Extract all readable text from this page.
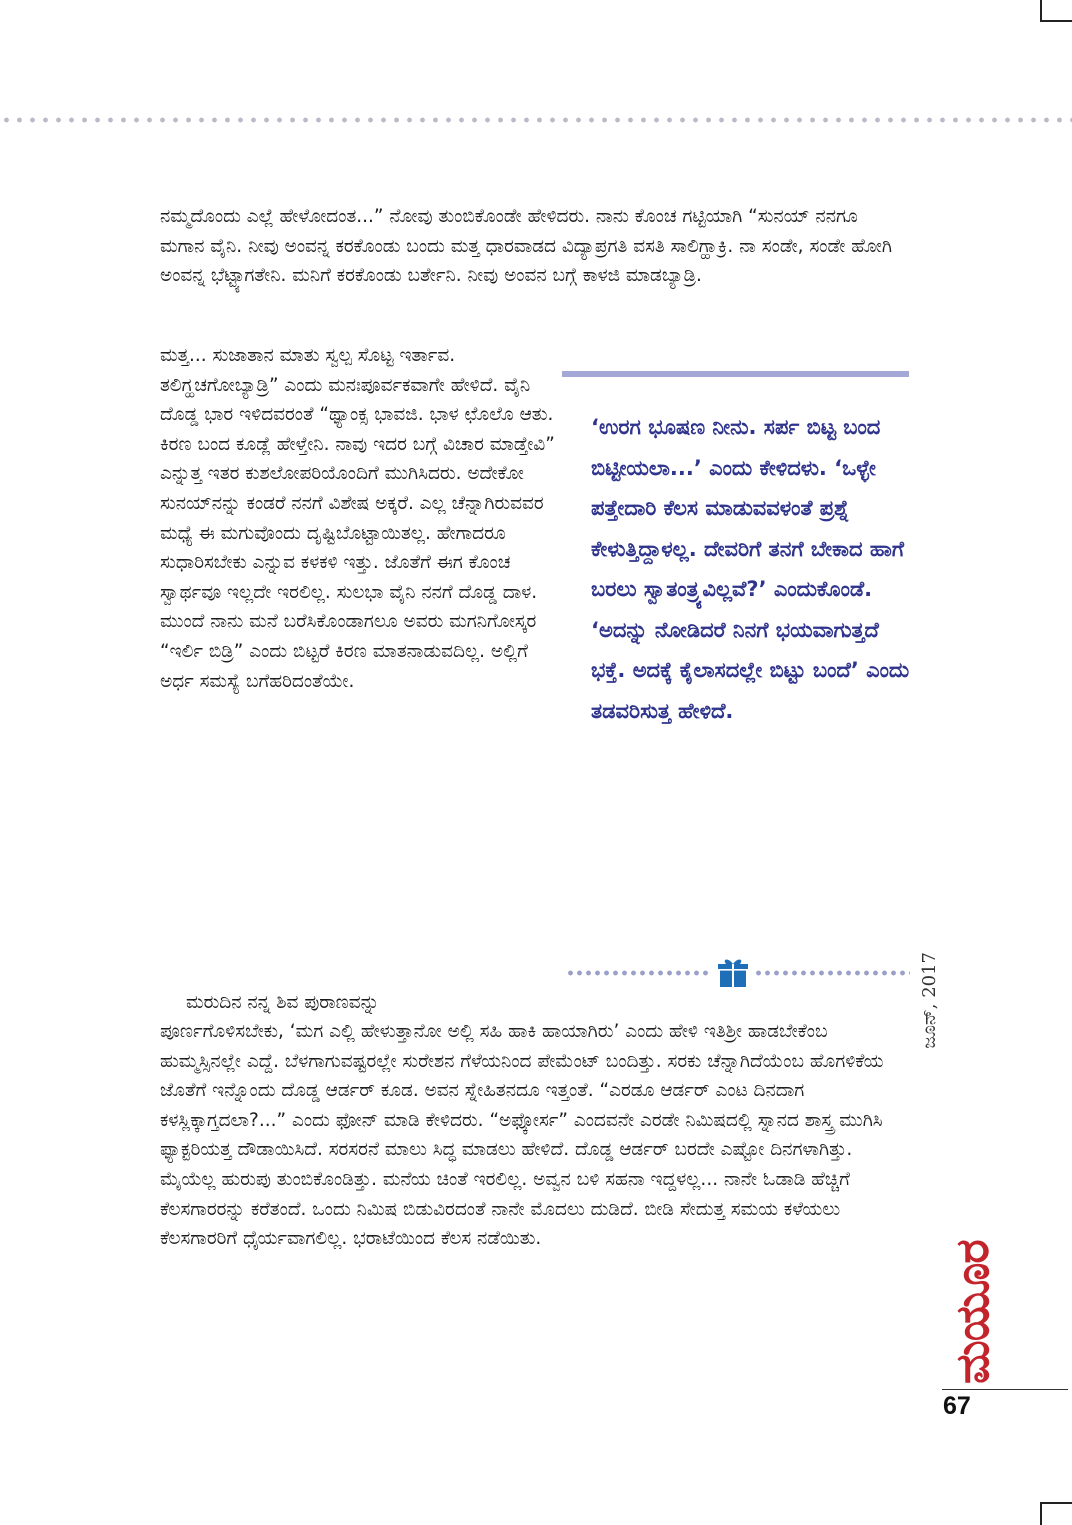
ನಮ್ಮದೊಂದು ಎಲ್ಲೆ ಹೇಳೋದಂತ...” ನೋವು ತುಂಬಿಕೊಂಡೇ ಹೇಳಿದರು. ನಾನು ಕೊಂಚ ಗಟ್ಟಿಯಾಗಿ “ಸುನಯ್ ನನಗೂ ಮಗಾನ ವೈನಿ. ನೀವು ಅಂವನ್ನ ಕರಕೊಂಡು ಬಂದು ಮತ್ತ ಧಾರವಾಡದ ವಿದ್ಯಾಪ್ರಗತಿ ವಸತಿ ಸಾಲಿಗ್ಹಾಕ್ರಿ. ನಾ ಸಂಡೇ, ಸಂಡೇ ಹೋಗಿ ಅಂವನ್ನ ಭೆಟ್ಟ್ಯಾಗತೇನಿ. ಮನಿಗೆ ಕರಕೊಂಡು ಬರ್ತೇನಿ. ನೀವು ಅಂವನ ಬಗ್ಗೆ ಕಾಳಜಿ ಮಾಡಬ್ಯಾಡ್ರಿ.

ಮತ್ತ... ಸುಜಾತಾನ ಮಾತು ಸ್ವಲ್ಪ ಸೊಟ್ಟ ಇರ್ತಾವ. ತಲಿಗ್ಹಚಗೋಬ್ಯಾಡ್ರಿ” ಎಂದು ಮನಃಪೂರ್ವಕವಾಗೇ ಹೇಳಿದೆ. ವೈನಿ ದೊಡ್ಡ ಭಾರ ಇಳಿದವರಂತೆ “ಥ್ಯಾಂಕ್ಸ ಭಾವಜಿ. ಭಾಳ ಛೊಲೊ ಆತು. ಕಿರಣ ಬಂದ ಕೂಡ್ಲೆ ಹೇಳ್ತೇನಿ. ನಾವು ಇದರ ಬಗ್ಗೆ ವಿಚಾರ ಮಾಡ್ತೇವಿ” ಎನ್ನುತ್ತ ಇತರ ಕುಶಲೋಪರಿಯೊಂದಿಗೆ ಮುಗಿಸಿದರು. ಅದೇಕೋ ಸುನಯ್‌ನನ್ನು ಕಂಡರೆ ನನಗೆ ವಿಶೇಷ ಅಕ್ಕರೆ. ಎಲ್ಲ ಚೆನ್ನಾಗಿರುವವರ ಮಧ್ಯೆ ಈ ಮಗುವೊಂದು ದೃಷ್ಟಿಬೊಟ್ಟಾಯಿತಲ್ಲ. ಹೇಗಾದರೂ ಸುಧಾರಿಸಬೇಕು ಎನ್ನುವ ಕಳಕಳಿ ಇತ್ತು. ಜೊತೆಗೆ ಈಗ ಕೊಂಚ ಸ್ವಾರ್ಥವೂ ಇಲ್ಲದೇ ಇರಲಿಲ್ಲ. ಸುಲಭಾ ವೈನಿ ನನಗೆ ದೊಡ್ಡ ದಾಳ. ಮುಂದೆ ನಾನು ಮನೆ ಬರೆಸಿಕೊಂಡಾಗಲೂ ಅವರು ಮಗನಿಗೋಸ್ಕರ “ಇರ್ಲಿ ಬಿಡ್ರಿ” ಎಂದು ಬಿಟ್ಟರೆ ಕಿರಣ ಮಾತನಾಡುವದಿಲ್ಲ. ಅಲ್ಲಿಗೆ ಅರ್ಧ ಸಮಸ್ಯೆ ಬಗೆಹರಿದಂತೆಯೇ.

‘ಉರಗ ಭೂಷಣ ನೀನು. ಸರ್ಪ ಬಿಟ್ಟ ಬಂದ ಬಿಟ್ಟೀಯಲಾ...’ ಎಂದು ಕೇಳಿದಳು. ‘ಒಳ್ಳೇ ಪತ್ತೇದಾರಿ ಕೆಲಸ ಮಾಡುವವಳಂತೆ ಪ್ರಶ್ನೆ ಕೇಳುತ್ತಿದ್ದಾಳಲ್ಲ. ದೇವರಿಗೆ ತನಗೆ ಬೇಕಾದ ಹಾಗೆ ಬರಲು ಸ್ವಾತಂತ್ರ್ಯವಿಲ್ಲವೆ?’ ಎಂದುಕೊಂಡೆ. ‘ಅದನ್ನು ನೋಡಿದರೆ ನಿನಗೆ ಭಯವಾಗುತ್ತದೆ ಭಕ್ತೆ. ಅದಕ್ಕೆ ಕೈಲಾಸದಲ್ಲೇ ಬಿಟ್ಟು ಬಂದೆ’ ಎಂದು ತಡವರಿಸುತ್ತ ಹೇಳಿದೆ.

ಮರುದಿನ ನನ್ನ ಶಿವ ಪುರಾಣವನ್ನು

ಪೂರ್ಣಗೊಳಿಸಬೇಕು, ‘ಮಗ ಎಲ್ಲಿ ಹೇಳುತ್ತಾನೋ ಅಲ್ಲಿ ಸಹಿ ಹಾಕಿ ಹಾಯಾಗಿರು’ ಎಂದು ಹೇಳಿ ಇತಿಶ್ರೀ ಹಾಡಬೇಕೆಂಬ ಹುಮ್ಮಸ್ಸಿನಲ್ಲೇ ಎದ್ದೆ. ಬೆಳಗಾಗುವಷ್ಟರಲ್ಲೇ ಸುರೇಶನ ಗೆಳೆಯನಿಂದ ಪೇಮೆಂಟ್ ಬಂದಿತ್ತು. ಸರಕು ಚೆನ್ನಾಗಿದೆಯೆಂಬ ಹೊಗಳಿಕೆಯ ಜೊತೆಗೆ ಇನ್ನೊಂದು ದೊಡ್ಡ ಆರ್ಡರ್ ಕೂಡ. ಅವನ ಸ್ನೇಹಿತನದೂ ಇತ್ತಂತೆ. “ಎರಡೂ ಆರ್ಡರ್ ಎಂಟ ದಿನದಾಗ ಕಳಸ್ಲಿಕ್ಕಾಗ್ತದಲಾ?...” ಎಂದು ಫೋನ್ ಮಾಡಿ ಕೇಳಿದರು. “ಅಫ್ಕೋರ್ಸ” ಎಂದವನೇ ಎರಡೇ ನಿಮಿಷದಲ್ಲಿ ಸ್ನಾನದ ಶಾಸ್ತ್ರ ಮುಗಿಸಿ ಫ್ಯಾಕ್ಟರಿಯತ್ತ ದೌಡಾಯಿಸಿದೆ. ಸರಸರನೆ ಮಾಲು ಸಿದ್ಧ ಮಾಡಲು ಹೇಳಿದೆ. ದೊಡ್ಡ ಆರ್ಡರ್ ಬರದೇ ಎಷ್ಟೋ ದಿನಗಳಾಗಿತ್ತು. ಮೈಯೆಲ್ಲ ಹುರುಪು ತುಂಬಿಕೊಂಡಿತ್ತು. ಮನೆಯ ಚಿಂತೆ ಇರಲಿಲ್ಲ. ಅವ್ವನ ಬಳಿ ಸಹನಾ ಇದ್ದಳಲ್ಲ... ನಾನೇ ಓಡಾಡಿ ಹೆಚ್ಚಿಗೆ ಕೆಲಸಗಾರರನ್ನು ಕರೆತಂದೆ. ಒಂದು ನಿಮಿಷ ಬಿಡುವಿರದಂತೆ ನಾನೇ ಮೊದಲು ದುಡಿದೆ. ಬೀಡಿ ಸೇದುತ್ತ ಸಮಯ ಕಳೆಯಲು ಕೆಲಸಗಾರರಿಗೆ ಧೈರ್ಯವಾಗಲಿಲ್ಲ. ಭರಾಟೆಯಿಂದ ಕೆಲಸ ನಡೆಯಿತು.

ಜೂನ್, 2017
ಮಯೂರ
67
